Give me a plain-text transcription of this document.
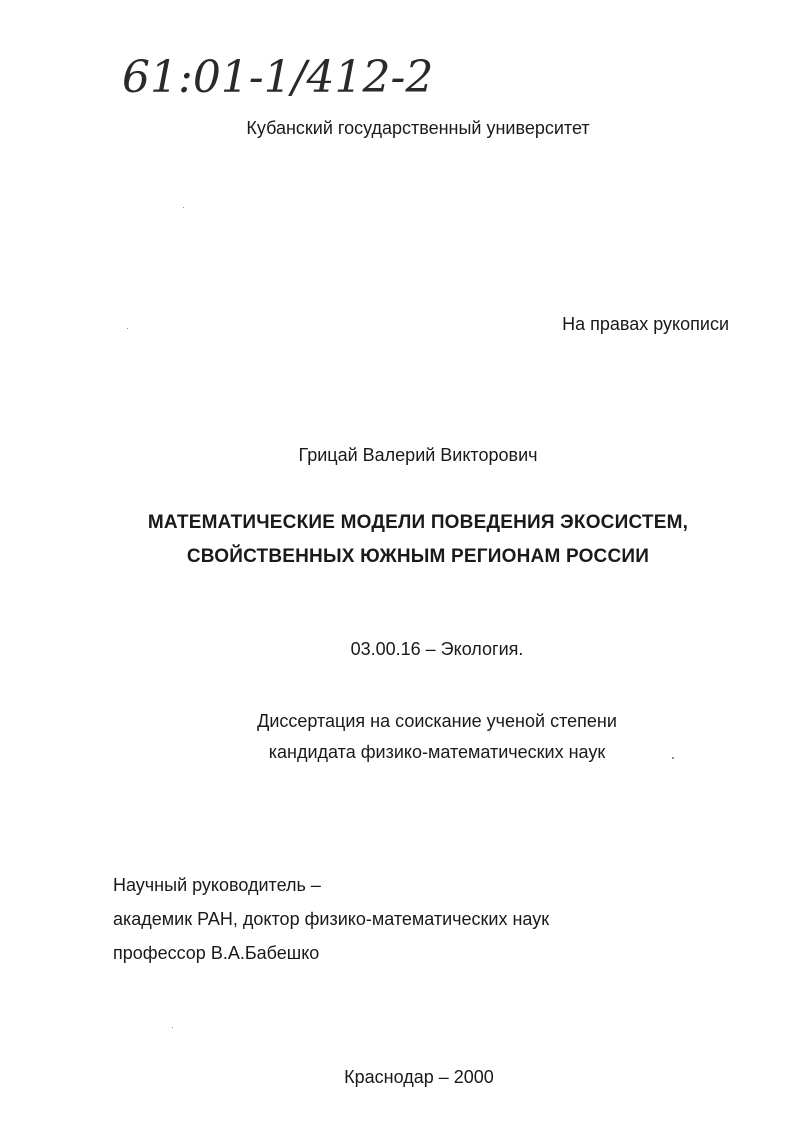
61:01-1/412-2
Кубанский государственный университет
На правах рукописи
Грицай Валерий Викторович
МАТЕМАТИЧЕСКИЕ МОДЕЛИ ПОВЕДЕНИЯ ЭКОСИСТЕМ,
СВОЙСТВЕННЫХ ЮЖНЫМ РЕГИОНАМ РОССИИ
03.00.16 – Экология.
Диссертация на соискание ученой степени
кандидата физико-математических наук
Научный руководитель –
академик РАН, доктор физико-математических наук
профессор В.А.Бабешко
Краснодар – 2000
